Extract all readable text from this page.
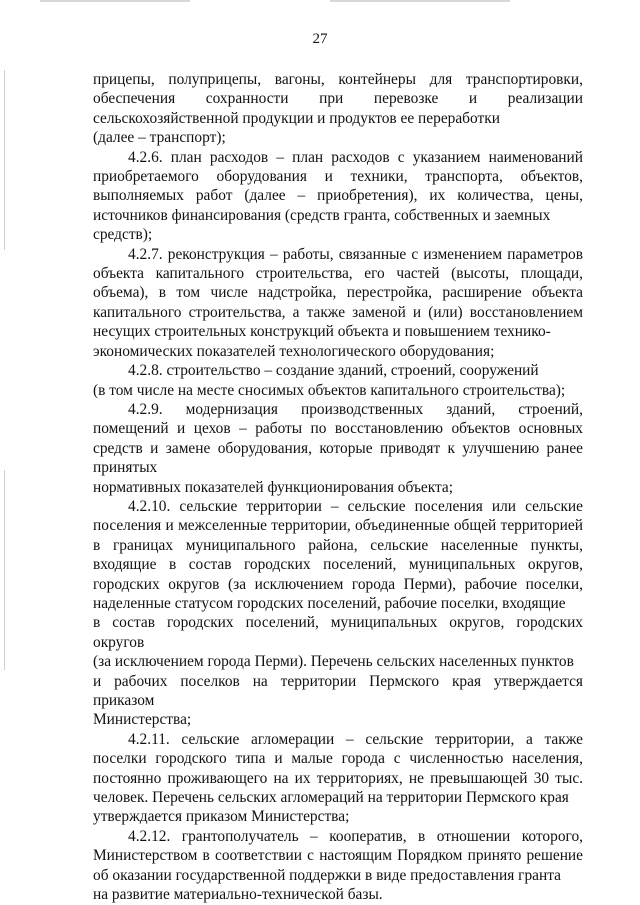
27

прицепы, полуприцепы, вагоны, контейнеры для транспортировки, обеспечения сохранности при перевозке и реализации сельскохозяйственной продукции и продуктов ее переработки
(далее – транспорт);

4.2.6. план расходов – план расходов с указанием наименований приобретаемого оборудования и техники, транспорта, объектов, выполняемых работ (далее – приобретения), их количества, цены, источников финансирования (средств гранта, собственных и заемных
средств);

4.2.7. реконструкция – работы, связанные с изменением параметров объекта капитального строительства, его частей (высоты, площади, объема), в том числе надстройка, перестройка, расширение объекта капитального строительства, а также заменой и (или) восстановлением несущих строительных конструкций объекта и повышением технико-
экономических показателей технологического оборудования;

4.2.8. строительство – создание зданий, строений, сооружений
(в том числе на месте сносимых объектов капитального строительства);

4.2.9. модернизация производственных зданий, строений, помещений и цехов – работы по восстановлению объектов основных средств и замене оборудования, которые приводят к улучшению ранее принятых
нормативных показателей функционирования объекта;

4.2.10. сельские территории – сельские поселения или сельские поселения и межселенные территории, объединенные общей территорией в границах муниципального района, сельские населенные пункты, входящие в состав городских поселений, муниципальных округов, городских округов (за исключением города Перми), рабочие поселки, наделенные статусом городских поселений, рабочие поселки, входящие
в состав городских поселений, муниципальных округов, городских округов
(за исключением города Перми). Перечень сельских населенных пунктов
и рабочих поселков на территории Пермского края утверждается приказом
Министерства;

4.2.11. сельские агломерации – сельские территории, а также поселки городского типа и малые города с численностью населения, постоянно проживающего на их территориях, не превышающей 30 тыс. человек. Перечень сельских агломераций на территории Пермского края
утверждается приказом Министерства;

4.2.12. грантополучатель – кооператив, в отношении которого, Министерством в соответствии с настоящим Порядком принято решение об оказании государственной поддержки в виде предоставления гранта
на развитие материально-технической базы.
